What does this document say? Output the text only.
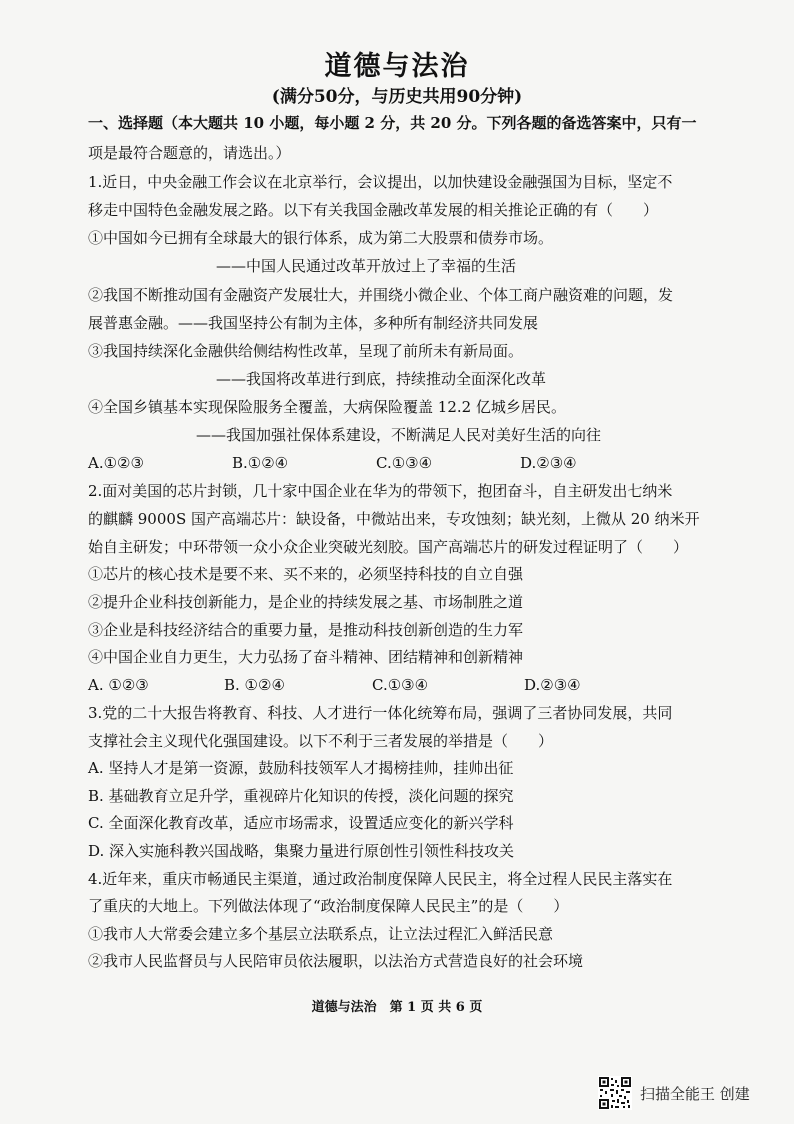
道德与法治
(满分50分，与历史共用90分钟)
一、选择题（本大题共 10 小题，每小题 2 分，共 20 分。下列各题的备选答案中，只有一
项是最符合题意的，请选出。）
1.近日，中央金融工作会议在北京举行，会议提出，以加快建设金融强国为目标，坚定不
移走中国特色金融发展之路。以下有关我国金融改革发展的相关推论正确的有（　　）
①中国如今已拥有全球最大的银行体系，成为第二大股票和债券市场。
——中国人民通过改革开放过上了幸福的生活
②我国不断推动国有金融资产发展壮大，并围绕小微企业、个体工商户融资难的问题，发
展普惠金融。——我国坚持公有制为主体，多种所有制经济共同发展
③我国持续深化金融供给侧结构性改革，呈现了前所未有新局面。
——我国将改革进行到底，持续推动全面深化改革
④全国乡镇基本实现保险服务全覆盖，大病保险覆盖 12.2 亿城乡居民。
——我国加强社保体系建设，不断满足人民对美好生活的向往
A.①②③	B.①②④	C.①③④	D.②③④
2.面对美国的芯片封锁，几十家中国企业在华为的带领下，抱团奋斗，自主研发出七纳米
的麒麟 9000S 国产高端芯片：缺设备，中微站出来，专攻蚀刻；缺光刻，上微从 20 纳米开
始自主研发；中环带领一众小众企业突破光刻胶。国产高端芯片的研发过程证明了（　　）
①芯片的核心技术是要不来、买不来的，必须坚持科技的自立自强
②提升企业科技创新能力，是企业的持续发展之基、市场制胜之道
③企业是科技经济结合的重要力量，是推动科技创新创造的生力军
④中国企业自力更生，大力弘扬了奋斗精神、团结精神和创新精神
A. ①②③	B. ①②④	C.①③④	D.②③④
3.党的二十大报告将教育、科技、人才进行一体化统筹布局，强调了三者协同发展，共同
支撑社会主义现代化强国建设。以下不利于三者发展的举措是（　　）
A. 坚持人才是第一资源，鼓励科技领军人才揭榜挂帅，挂帅出征
B. 基础教育立足升学，重视碎片化知识的传授，淡化问题的探究
C. 全面深化教育改革，适应市场需求，设置适应变化的新兴学科
D. 深入实施科教兴国战略，集聚力量进行原创性引领性科技攻关
4.近年来，重庆市畅通民主渠道，通过政治制度保障人民民主，将全过程人民民主落实在
了重庆的大地上。下列做法体现了“政治制度保障人民民主”的是（　　）
①我市人大常委会建立多个基层立法联系点，让立法过程汇入鲜活民意
②我市人民监督员与人民陪审员依法履职，以法治方式营造良好的社会环境
道德与法治　第 1 页 共 6 页
扫描全能王 创建
